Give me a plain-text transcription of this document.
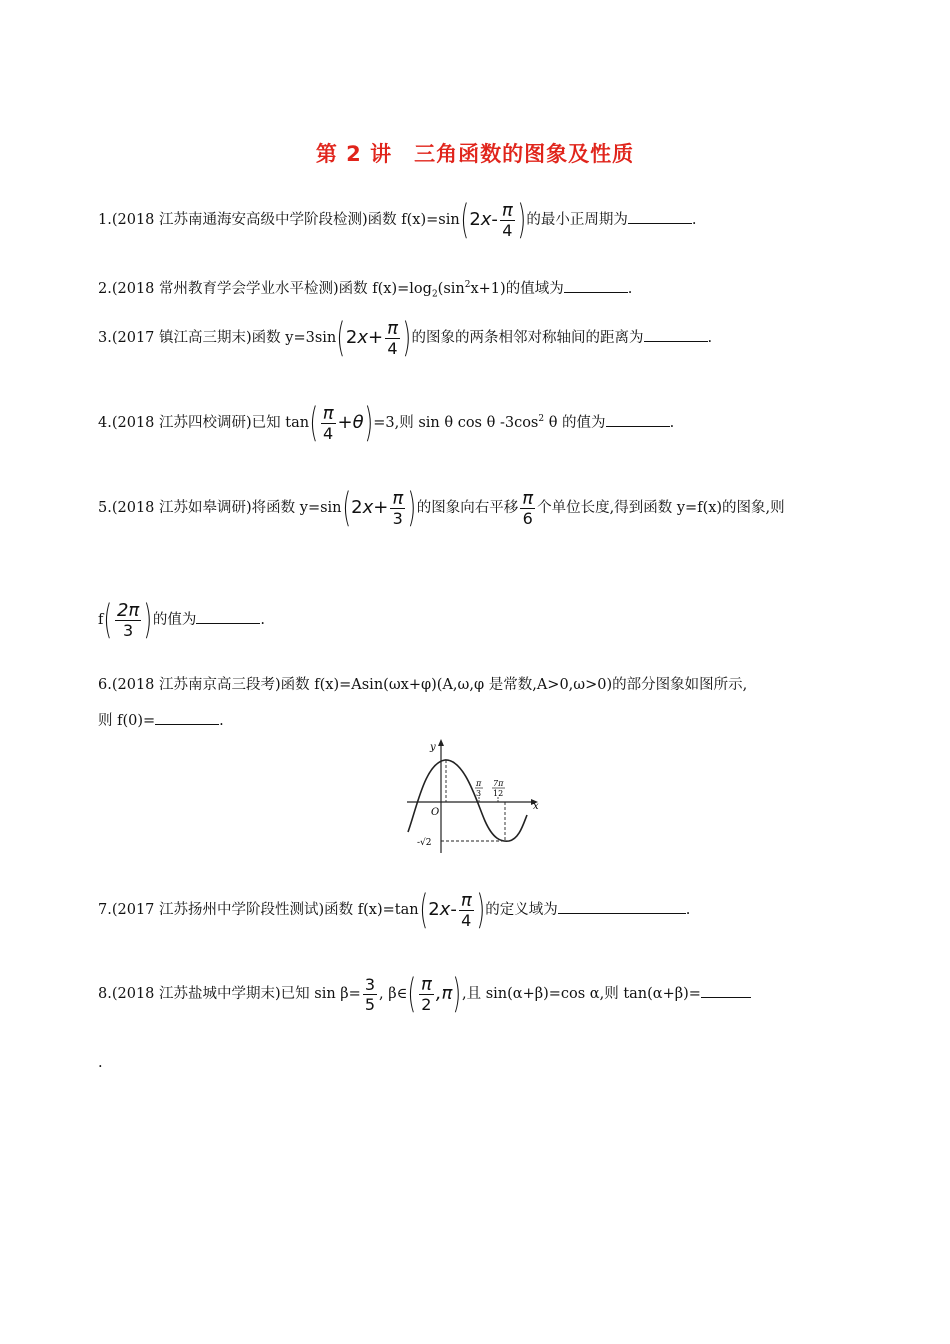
第 2 讲　三角函数的图象及性质
1.(2018 江苏南通海安高级中学阶段检测)函数 f(x)=sin ( 2 x - $\frac{\pi}{4}$ ) 的最小正周期为	.
2.(2018 常州教育学会学业水平检测)函数 $f(x)=\log_2(\sin^2x+1)$的值域为	.
3.(2017 镇江高三期末)函数 y=3sin ( 2 $x + \frac{\pi}{4}$ ) 的图象的两条相邻对称轴间的距离为	.
4.(2018 江苏四校调研)已知 tan ( $\frac{\pi}{4} + \theta$ ) =3,则 sin θ cos θ $-3\cos^2$ θ 的值为	.
5.(2018 江苏如皋调研)将函数 y=sin ( 2 $x + \frac{\pi}{3}$ ) 的图象向右平移 $\frac{\pi}{6}$ 个单位长度,得到函数 y=f(x)的图象,则
f ( $\frac{2\pi}{3}$ ) 的值为	.
6.(2018 江苏南京高三段考)函数 f(x)=Asin(ωx+φ)(A,ω,φ 是常数,A>0,ω>0)的部分图象如图所示,
则 f(0)=	.
y
x
O
π
3
7π
12
-√2
7.(2017 江苏扬州中学阶段性测试)函数 f(x)=tan ( 2 x - $\frac{\pi}{4}$ ) 的定义域为	.
8.(2018 江苏盐城中学期末)已知 $\sin \beta= \frac{3}{5}$ , β∈ ( $\frac{\pi}{2} ,\pi$ ) ,且 sin(α+β)=cos α,则 tan(α+β)=
.
